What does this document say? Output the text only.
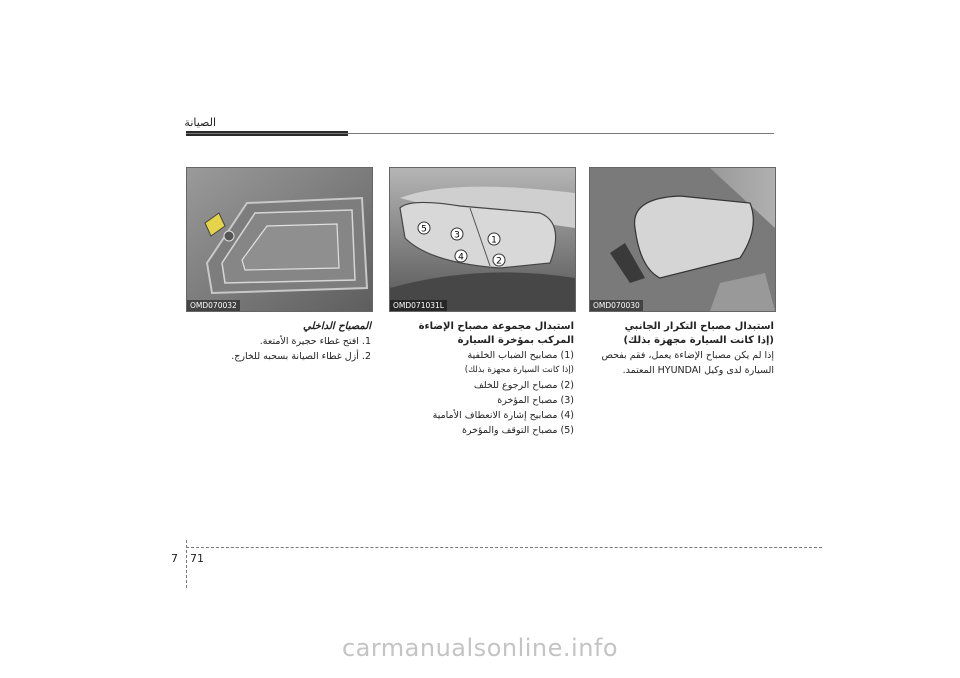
الصيانة
OMD070032
5
3	1
4	2
OMD071031L	OMD070030
المصباح الداخلي

1. افتح غطاء حجيرة الأمتعة.

2. أزل غطاء الصيانة بسحبه للخارج.

استبدال مجموعة مصباح الإضاءة المركب بمؤخرة السيارة

(1) مصابيح الضباب الخلفية

(إذا كانت السيارة مجهزة بذلك)

(2) مصباح الرجوع للخلف

(3) مصباح المؤخرة

(4) مصابيح إشارة الانعطاف الأمامية

(5) مصباح التوقف والمؤخرة

استبدال مصباح التكرار الجانبي
(إذا كانت السيارة مجهزة بذلك)

إذا لم يكن مصباح الإضاءة يعمل، فقم بفحص السيارة لدى وكيل HYUNDAI المعتمد.

7 71
carmanualsonline.info
